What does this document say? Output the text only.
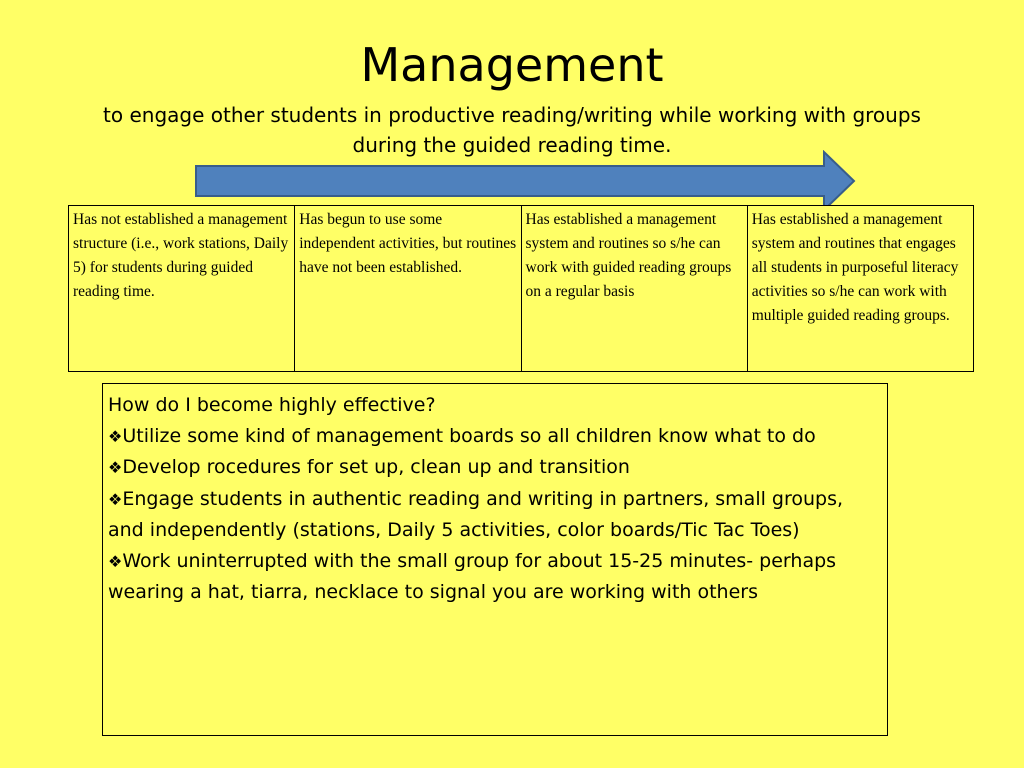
Management
to engage other students in productive reading/writing while working with groups during the guided reading time.
Has not established a management structure (i.e., work stations, Daily 5) for students during guided reading time.	Has begun to use some independent activities, but routines have not been established.	Has established a management system and routines so s/he can work with guided reading groups on a regular basis	Has established a management system and routines that engages all students in purposeful literacy activities so s/he can work with multiple guided reading groups.

How do I become highly effective?

❖Utilize some kind of management boards so all children know what to do

❖Develop rocedures for set up, clean up and transition

❖Engage students in authentic reading and writing in partners, small groups, and independently (stations, Daily 5 activities, color boards/Tic Tac Toes)

❖Work uninterrupted with the small group for about 15-25 minutes- perhaps wearing a hat, tiarra, necklace to signal you are working with others
